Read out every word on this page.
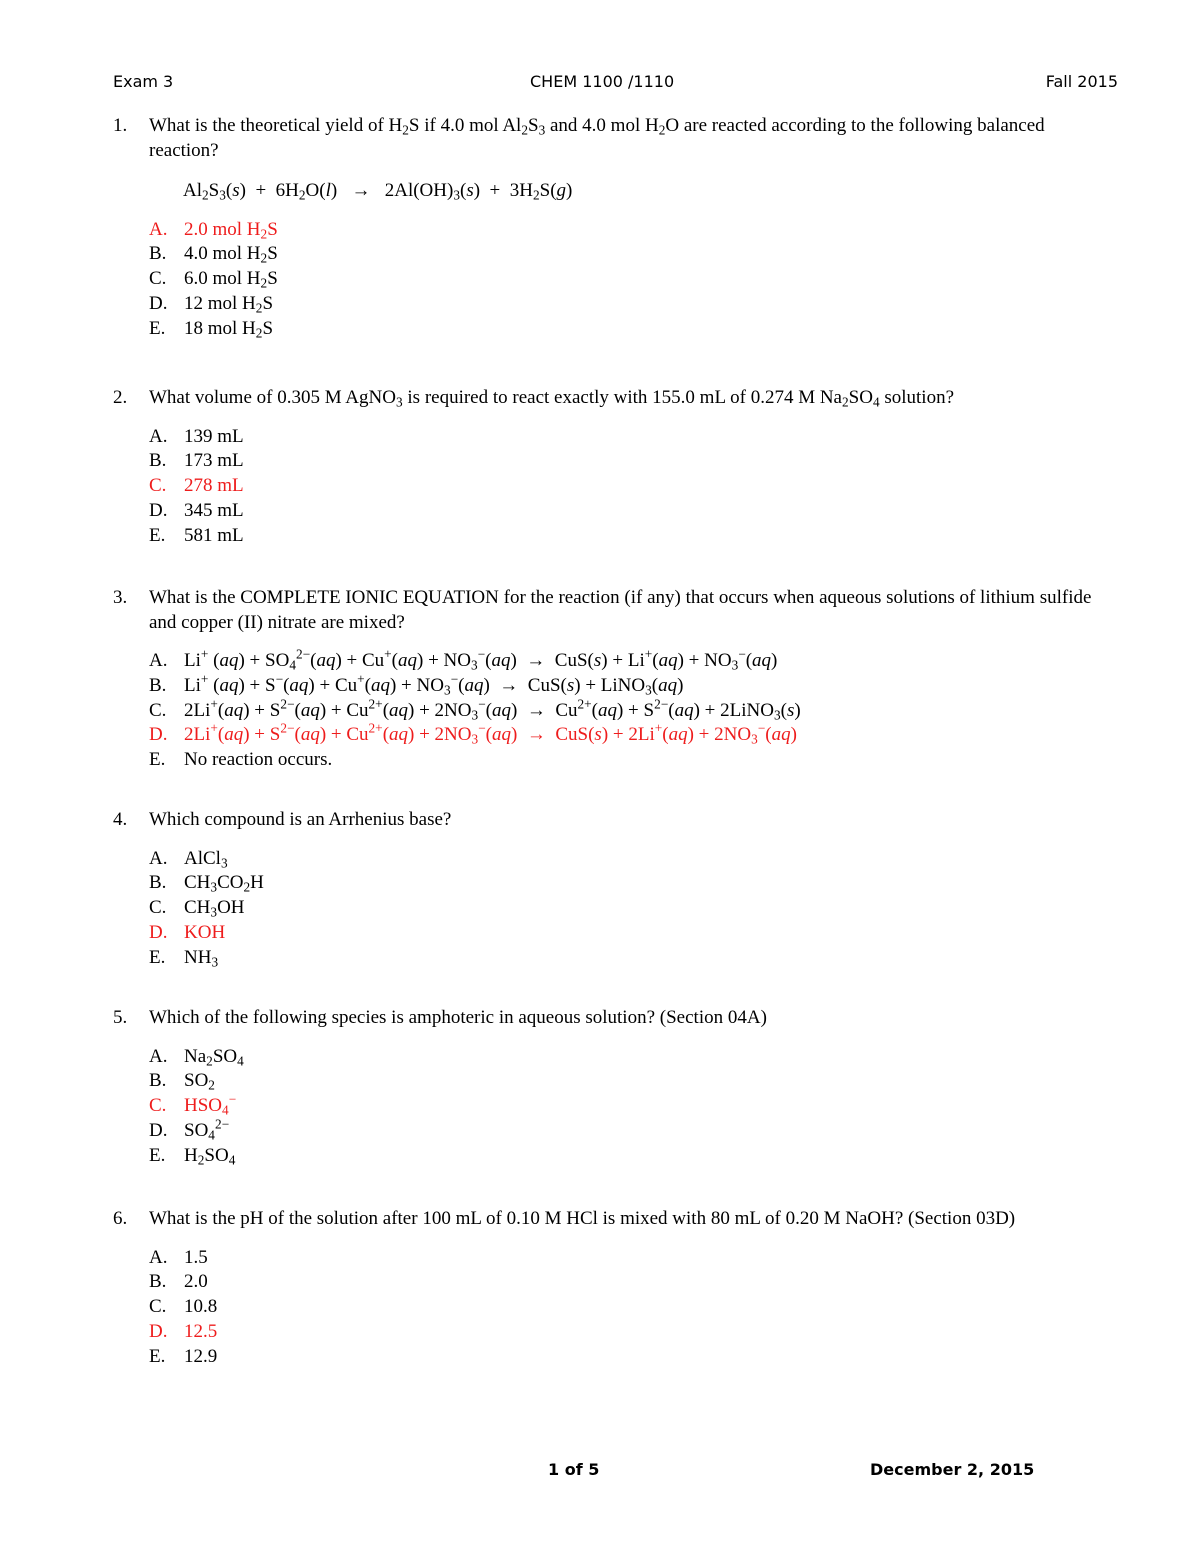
Exam 3	CHEM 1100 /1110	Fall 2015
1. What is the theoretical yield of $H_2S$ if 4.0 mol $Al_2S_3$ and 4.0 mol $H_2O$ are reacted according to the following balanced reaction?
$Al_2S_3(s) + 6H_2O(l) \to 2Al(OH)_3(s) + 3H_2S(g)$
A. 2.0 mol $H_2S$
B. 4.0 mol $H_2S$
C. 6.0 mol $H_2S$
D. 12 mol $H_2S$
E. 18 mol $H_2S$
2. What volume of 0.305 M AgNO$_3$ is required to react exactly with 155.0 mL of 0.274 M $Na_2SO_4$ solution?
A. 139 mL
B. 173 mL
C. 278 mL
D. 345 mL
E. 581 mL
3. What is the COMPLETE IONIC EQUATION for the reaction (if any) that occurs when aqueous solutions of lithium sulfide and copper (II) nitrate are mixed?
A. Li+ $(aq) + SO_4^{2-}(aq) + Cu^+(aq) + NO_3^-(aq) \to CuS(s) + Li^+(aq) + NO_3^-(aq)$
B. Li+ $(aq) + S^-(aq) + Cu^+(aq) + NO_3^-(aq) \to CuS(s)$ + LiNO$_3$(aq)
C. $2Li^+(aq) + S^{2-}(aq) + Cu^{2+}(aq) + 2NO_3^-(aq) \to Cu^{2+}(aq) + S^{2-}(aq)$ + 2LiNO$_3$(s)
D. $2Li^+(aq) + S^{2-}(aq) + Cu^{2+}(aq) + 2NO_3^-(aq) \to CuS(s) + 2Li^+(aq) + 2NO_3^-(aq)$
E. No reaction occurs.
4. Which compound is an Arrhenius base?
A. AlCl$_3$
B. $CH_3CO_2H$
C. $CH_3OH$
D. KOH
E. $NH_3$
5. Which of the following species is amphoteric in aqueous solution? (Section 04A)
A. $Na_2SO_4$
B. $SO_2$
C. $HSO_4^-$
D. $SO_4^{2-}$
E. $H_2SO_4$
6. What is the pH of the solution after 100 mL of 0.10 M HCl is mixed with 80 mL of 0.20 M NaOH? (Section 03D)
A. 1.5
B. 2.0
C. 10.8
D. 12.5
E. 12.9
1 of 5	December 2, 2015
